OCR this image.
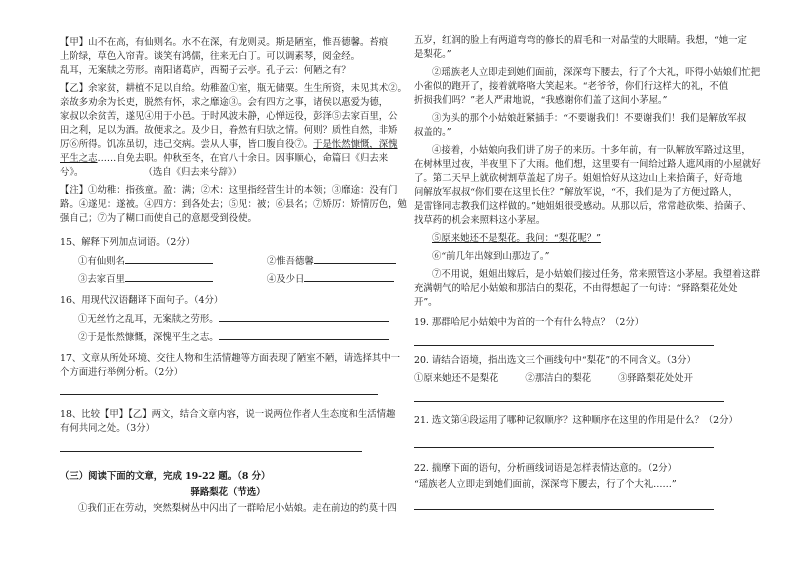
【甲】山不在高，有仙则名。水不在深，有龙则灵。斯是陋室，惟吾德馨。苔痕
上阶绿，草色入帘青。谈笑有鸿儒，往来无白丁。可以调素琴，阅金经。
乱耳，无案牍之劳形。南阳诸葛庐，西蜀子云亭。孔子云：何陋之有？
【乙】余家贫，耕植不足以自给。幼稚盈①室，瓶无储粟。生生所资，未见其术②。
亲故多劝余为长吏，脱然有怀，求之靡途③。会有四方之事，诸侯以惠爱为德，
家叔以余贫苦，遂见④用于小邑。于时风波未静，心惮远役，彭泽⑤去家百里，公
田之利，足以为酒。故便求之。及少日，眷然有归欤之情。何则？质性自然，非矫
厉⑥所得。饥冻虽切，违己交病。尝从人事，皆口腹自役⑦。于是怅然慷慨，深愧
平生之志……自免去职。仲秋至冬，在官八十余日。因事顺心，命篇曰《归去来
兮》。	（选自《归去来兮辞》）
【注】①幼稚：指孩童。盈：满；②术：这里指经营生计的本领；③靡途：没有门
路。④遂见：遂被。④四方：到各处去；⑤见：被；⑥县名；⑦矫厉：矫情厉色，勉
强自己；⑦为了糊口而使自己的意愿受到役使。
15、解释下列加点词语。（2分）
①有仙则名	②惟吾德馨
③去家百里	④及少日
16、用现代汉语翻译下面句子。（4分）
①无丝竹之乱耳，无案牍之劳形。
②于是怅然慷慨，深愧平生之志。
17、文章从所处环境、交往人物和生活情趣等方面表现了陋室不陋，请选择其中一
个方面进行举例分析。（2分）
18、比较【甲】【乙】两文，结合文章内容，说一说两位作者人生态度和生活情趣
有何共同之处。（3分）
（三）阅读下面的文章，完成 19-22 题。（8 分）
驿路梨花（节选）
①我们正在劳动，突然梨树丛中闪出了一群哈尼小姑娘。走在前边的约莫十四
五岁，红润的脸上有两道弯弯的修长的眉毛和一对晶莹的大眼睛。我想，“她一定
是梨花。”
②瑶族老人立即走到她们面前，深深弯下腰去，行了个大礼，吓得小姑娘们忙把
小雀似的跑开了，接着就咯咯大笑起来。“老爷爷，你们行这样大的礼，不值
折损我们吗？”老人严肃地说，“我感谢你们盖了这间小茅屋。”
③为头的那个小姑娘赶紧插手：“不要谢我们！不要谢我们！我们是解放军叔
叔盖的。”
④接着，小姑娘向我们讲了房子的来历。十多年前，有一队解放军路过这里，
在树林里过夜，半夜里下了大雨。他们想，这里要有一间给过路人遮风雨的小屋就好
了。第二天早上就砍树割草盖起了房子。姐姐恰好从这边山上来拾菌子，好奇地
问解放军叔叔“你们要在这里长住？”解放军说，“不，我们是为了方便过路人，
是雷锋同志教我们这样做的。”她姐姐很受感动。从那以后，常常趁砍柴、拾菌子、
找草药的机会来照料这小茅屋。
⑤原来她还不是梨花。我问：“梨花呢？”
⑥“前几年出嫁到山那边了。”
⑦不用说，姐姐出嫁后，是小姑娘们接过任务，常来照管这小茅屋。我望着这群
充满朝气的哈尼小姑娘和那洁白的梨花，不由得想起了一句诗：“驿路梨花处处
开”。
19. 那群哈尼小姑娘中为首的一个有什么特点？（2分）
20. 请结合语境，指出选文三个画线句中“梨花”的不同含义。（3分）
①原来她还不是梨花	②那洁白的梨花	③驿路梨花处处开
21. 选文第④段运用了哪种记叙顺序？这种顺序在这里的作用是什么？（2分）
22. 揣摩下面的语句，分析画线词语是怎样表情达意的。（2分）
“瑶族老人立即走到她们面前，深深弯下腰去，行了个大礼……”
